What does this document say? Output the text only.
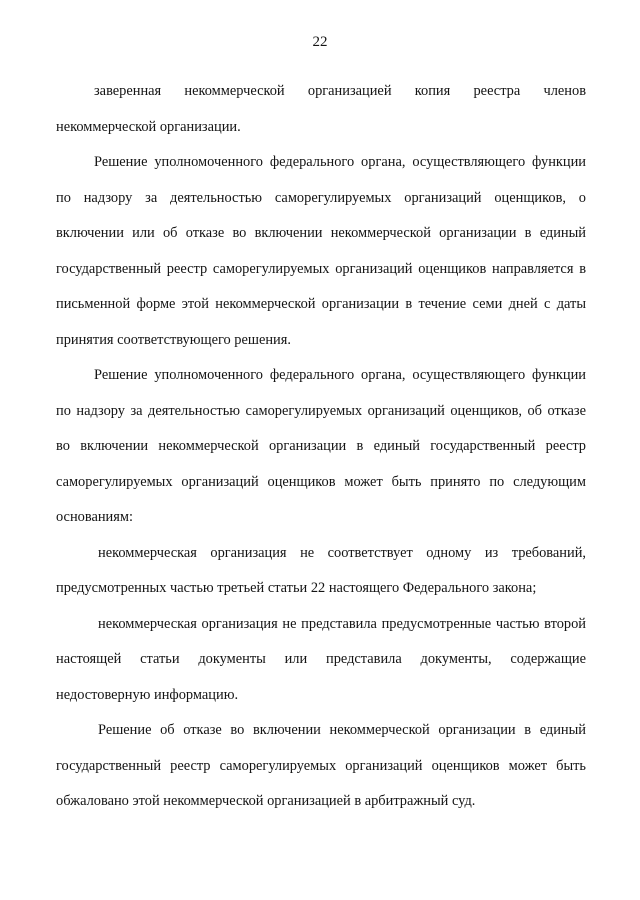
22

заверенная некоммерческой организацией копия реестра членов некоммерческой организации.

Решение уполномоченного федерального органа, осуществляющего функции по надзору за деятельностью саморегулируемых организаций оценщиков, о включении или об отказе во включении некоммерческой организации в единый государственный реестр саморегулируемых организаций оценщиков направляется в письменной форме этой некоммерческой организации в течение семи дней с даты принятия соответствующего решения.

Решение уполномоченного федерального органа, осуществляющего функции по надзору за деятельностью саморегулируемых организаций оценщиков, об отказе во включении некоммерческой организации в единый государственный реестр саморегулируемых организаций оценщиков может быть принято по следующим основаниям:

некоммерческая организация не соответствует одному из требований, предусмотренных частью третьей статьи 22 настоящего Федерального закона;

некоммерческая организация не представила предусмотренные частью второй настоящей статьи документы или представила документы, содержащие недостоверную информацию.

Решение об отказе во включении некоммерческой организации в единый государственный реестр саморегулируемых организаций оценщиков может быть обжаловано этой некоммерческой организацией в арбитражный суд.
